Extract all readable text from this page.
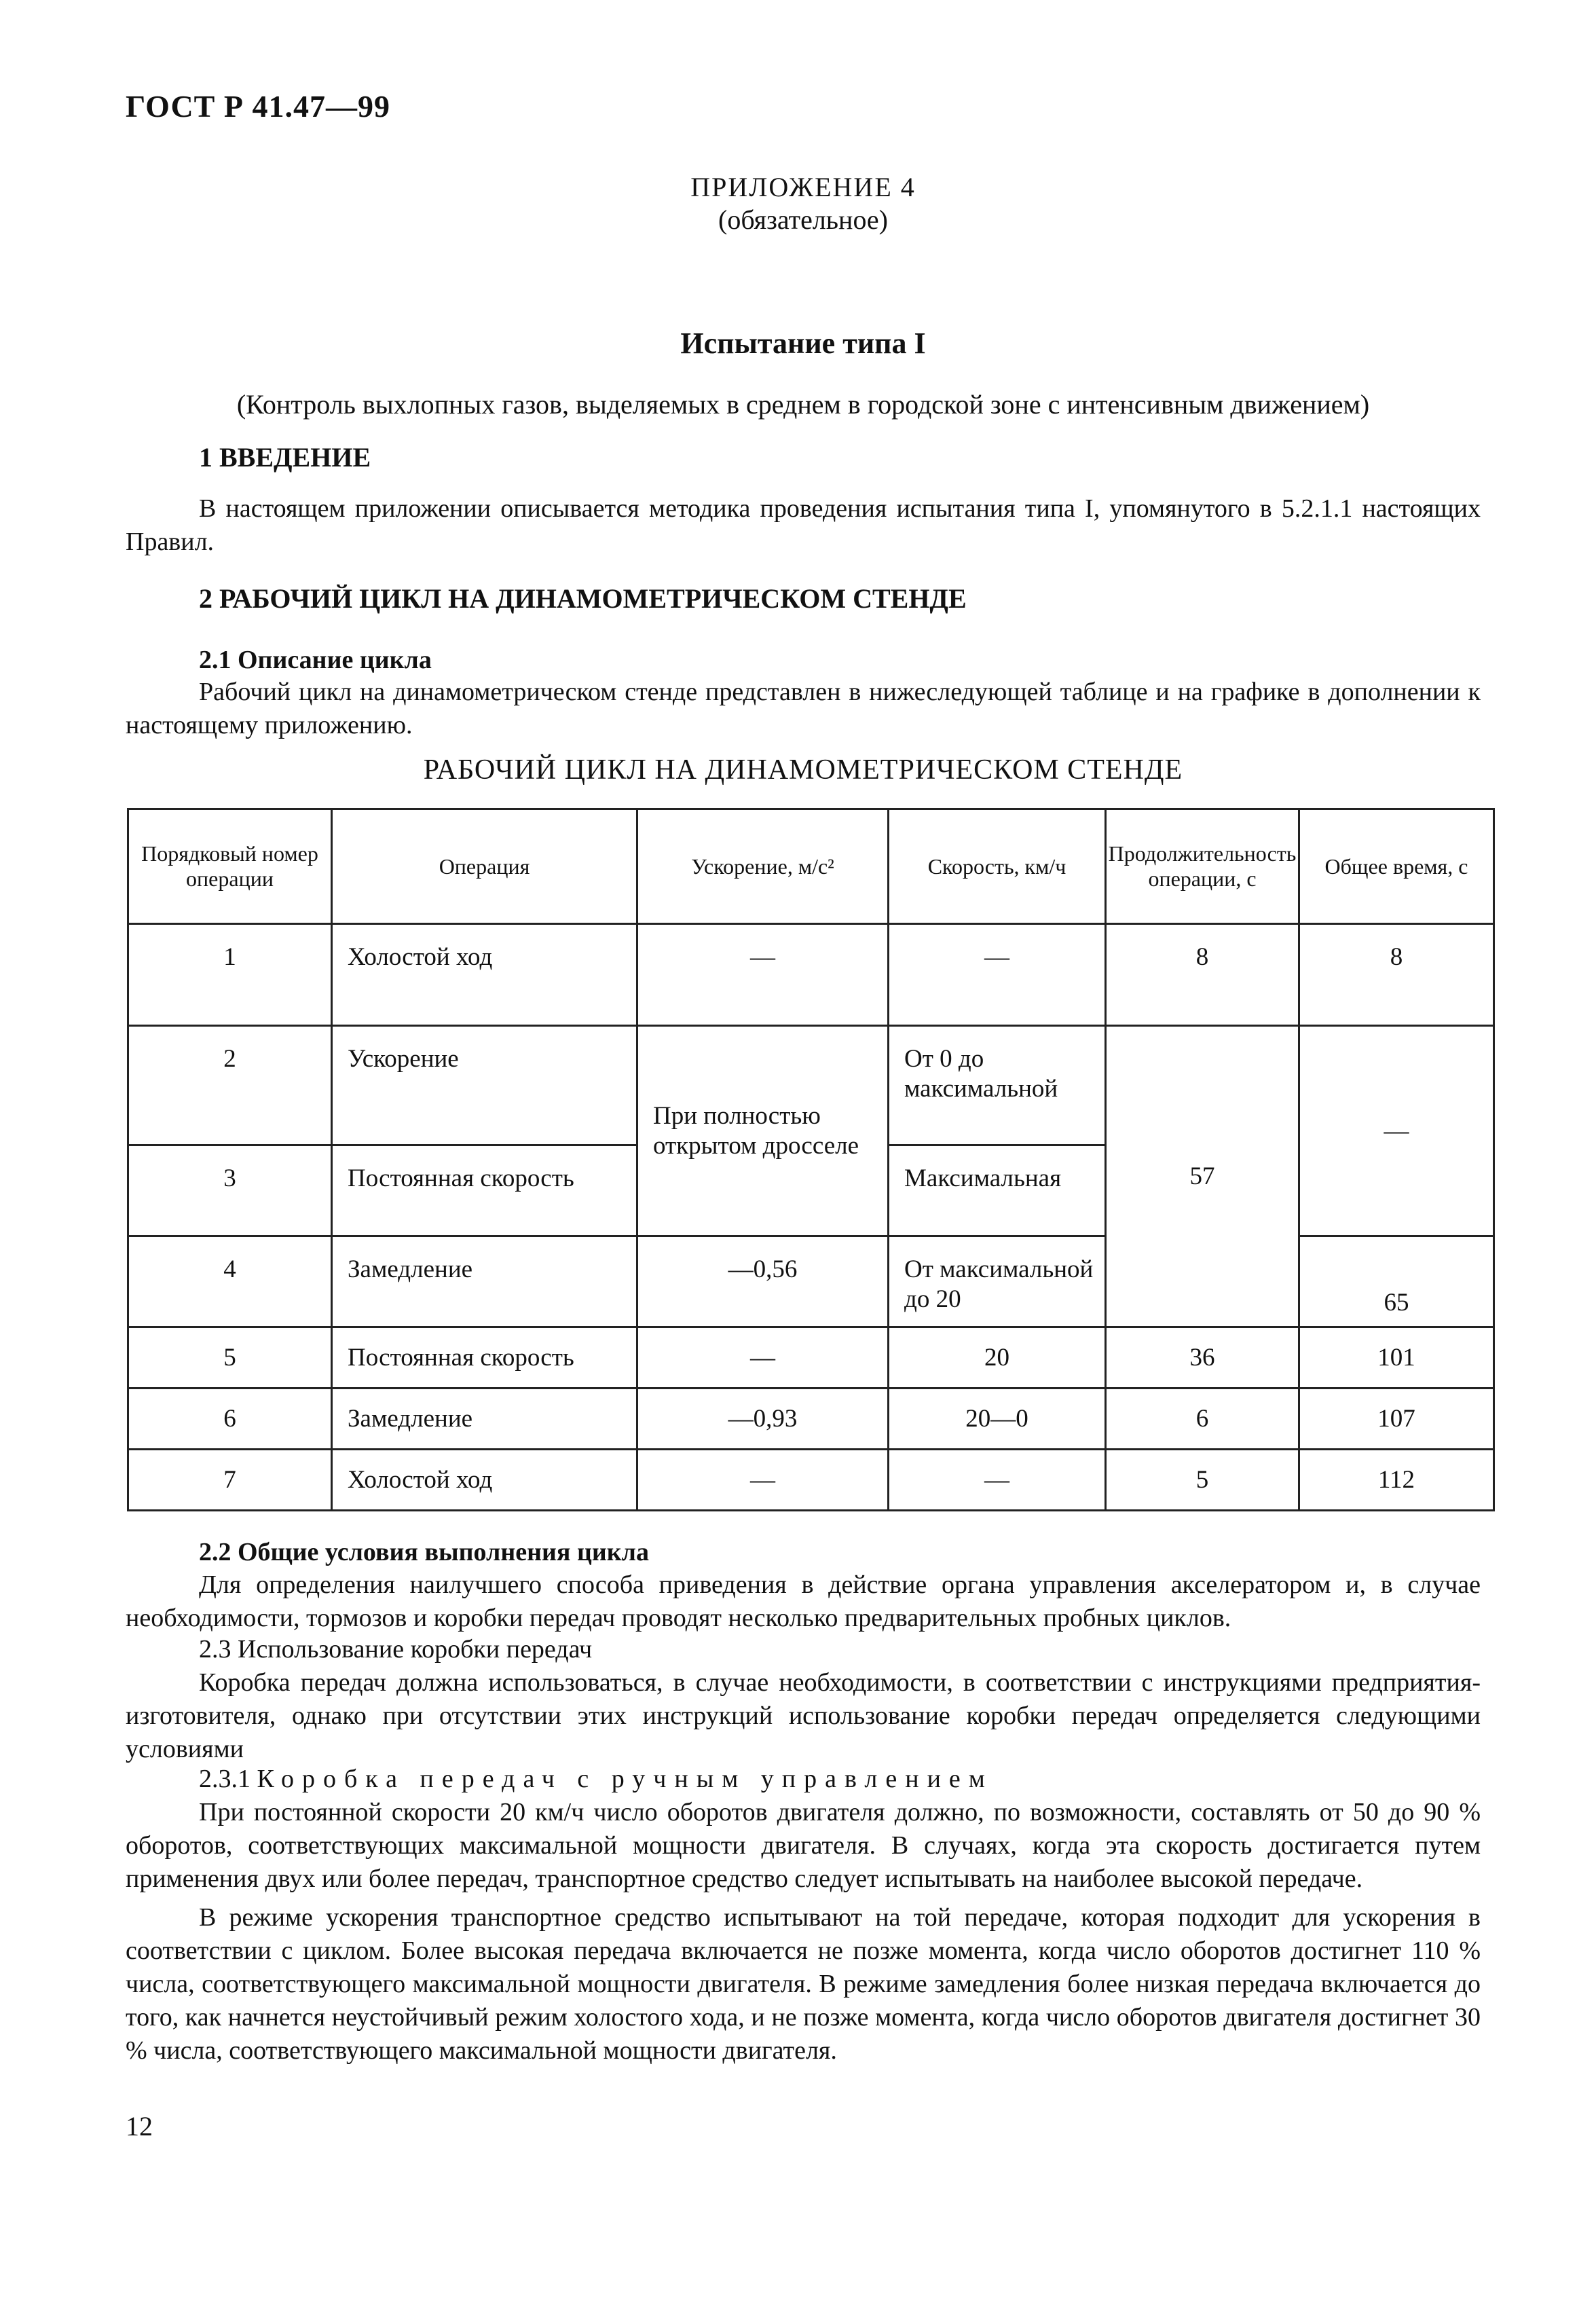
ГОСТ Р 41.47—99
ПРИЛОЖЕНИЕ 4
(обязательное)
Испытание типа I
(Контроль выхлопных газов, выделяемых в среднем в городской зоне с интенсивным движением)
1 ВВЕДЕНИЕ

В настоящем приложении описывается методика проведения испытания типа I, упомянутого в 5.2.1.1 настоящих Правил.

2 РАБОЧИЙ ЦИКЛ НА ДИНАМОМЕТРИЧЕСКОМ СТЕНДЕ
2.1 Описание цикла

Рабочий цикл на динамометрическом стенде представлен в нижеследующей таблице и на графике в дополнении к настоящему приложению.

РАБОЧИЙ ЦИКЛ НА ДИНАМОМЕТРИЧЕСКОМ СТЕНДЕ
Порядковый номер операции	Операция	Ускорение, м/с²	Скорость, км/ч	Продолжительность операции, с	Общее время, с
1	Холостой ход	—	—	8	8
2	Ускорение	При полностью открытом дросселе	От 0 до максимальной	57	—
3	Постоянная скорость		Максимальная		
4	Замедление	—0,56	От максимальной до 20		65
5	Постоянная скорость	—	20	36	101
6	Замедление	—0,93	20—0	6	107
7	Холостой ход	—	—	5	112
2.2 Общие условия выполнения цикла

Для определения наилучшего способа приведения в действие органа управления акселератором и, в случае необходимости, тормозов и коробки передач проводят несколько предварительных пробных циклов.

2.3 Использование коробки передач

Коробка передач должна использоваться, в случае необходимости, в соответствии с инструкциями предприятия-изготовителя, однако при отсутствии этих инструкций использование коробки передач определяется следующими условиями

2.3.1 Коробка передач с ручным управлением

При постоянной скорости 20 км/ч число оборотов двигателя должно, по возможности, составлять от 50 до 90 % оборотов, соответствующих максимальной мощности двигателя. В случаях, когда эта скорость достигается путем применения двух или более передач, транспортное средство следует испытывать на наиболее высокой передаче.

В режиме ускорения транспортное средство испытывают на той передаче, которая подходит для ускорения в соответствии с циклом. Более высокая передача включается не позже момента, когда число оборотов достигнет 110 % числа, соответствующего максимальной мощности двигателя. В режиме замедления более низкая передача включается до того, как начнется неустойчивый режим холостого хода, и не позже момента, когда число оборотов двигателя достигнет 30 % числа, соответствующего максимальной мощности двигателя.

12
